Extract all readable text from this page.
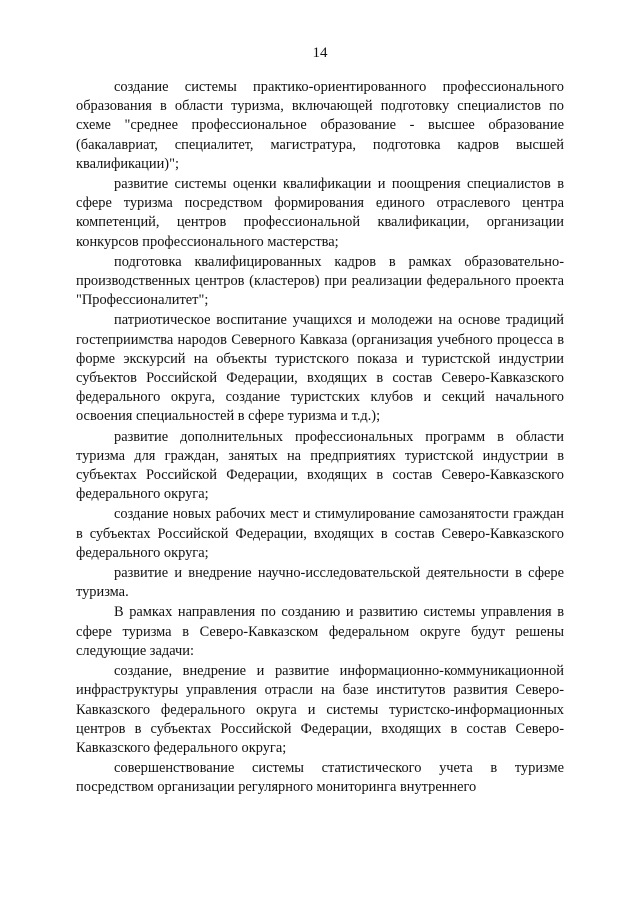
14

создание системы практико-ориентированного профессионального образования в области туризма, включающей подготовку специалистов по схеме "среднее профессиональное образование - высшее образование (бакалавриат, специалитет, магистратура, подготовка кадров высшей квалификации)";

развитие системы оценки квалификации и поощрения специалистов в сфере туризма посредством формирования единого отраслевого центра компетенций, центров профессиональной квалификации, организации конкурсов профессионального мастерства;

подготовка квалифицированных кадров в рамках образовательно-производственных центров (кластеров) при реализации федерального проекта "Профессионалитет";

патриотическое воспитание учащихся и молодежи на основе традиций гостеприимства народов Северного Кавказа (организация учебного процесса в форме экскурсий на объекты туристского показа и туристской индустрии субъектов Российской Федерации, входящих в состав Северо-Кавказского федерального округа, создание туристских клубов и секций начального освоения специальностей в сфере туризма и т.д.);

развитие дополнительных профессиональных программ в области туризма для граждан, занятых на предприятиях туристской индустрии в субъектах Российской Федерации, входящих в состав Северо-Кавказского федерального округа;

создание новых рабочих мест и стимулирование самозанятости граждан в субъектах Российской Федерации, входящих в состав Северо-Кавказского федерального округа;

развитие и внедрение научно-исследовательской деятельности в сфере туризма.

В рамках направления по созданию и развитию системы управления в сфере туризма в Северо-Кавказском федеральном округе будут решены следующие задачи:

создание, внедрение и развитие информационно-коммуникационной инфраструктуры управления отрасли на базе институтов развития Северо-Кавказского федерального округа и системы туристско-информационных центров в субъектах Российской Федерации, входящих в состав Северо-Кавказского федерального округа;

совершенствование системы статистического учета в туризме посредством организации регулярного мониторинга внутреннего
